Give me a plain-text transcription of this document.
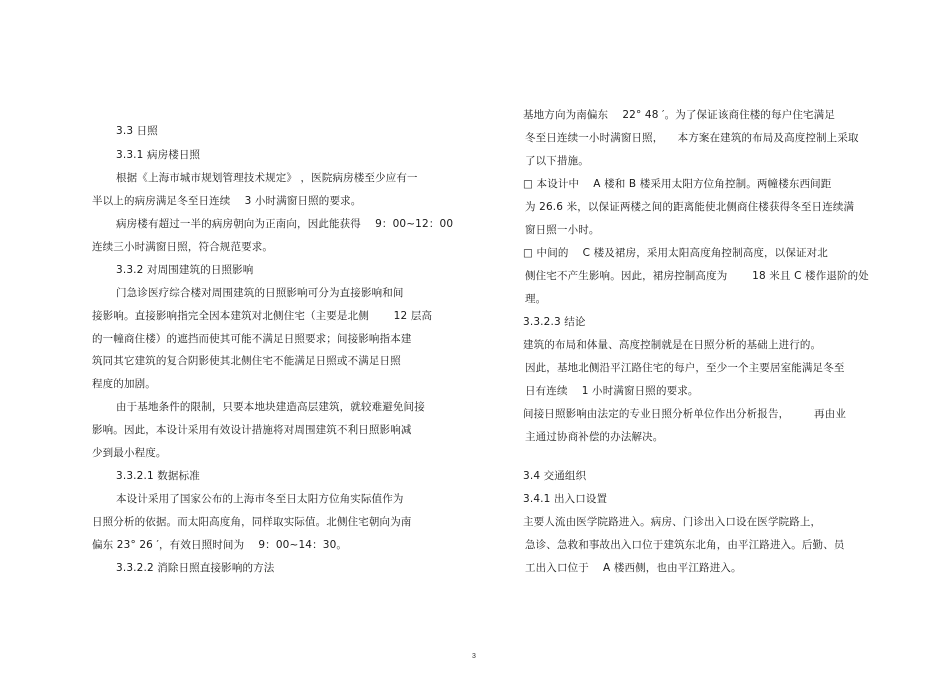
3.3 日照
3.3.1 病房楼日照
根据《上海市城市规划管理技术规定》 ，医院病房楼至少应有一
半以上的病房满足冬至日连续 　3 小时满窗日照的要求。
病房楼有超过一半的病房朝向为正南向，因此能获得 　9：00~12：00
连续三小时满窗日照，符合规范要求。
3.3.2 对周围建筑的日照影响
门急诊医疗综合楼对周围建筑的日照影响可分为直接影响和间
接影响。直接影响指完全因本建筑对北侧住宅（主要是北侧 　　12 层高
的一幢商住楼）的遮挡而使其可能不满足日照要求；间接影响指本建
筑同其它建筑的复合阴影使其北侧住宅不能满足日照或不满足日照
程度的加剧。
由于基地条件的限制，只要本地块建造高层建筑，就较难避免间接
影响。因此，本设计采用有效设计措施将对周围建筑不利日照影响减
少到最小程度。
3.3.2.1 数据标准
本设计采用了国家公布的上海市冬至日太阳方位角实际值作为
日照分析的依据。而太阳高度角，同样取实际值。北侧住宅朝向为南
偏东 23° 26 ′，有效日照时间为 　9：00~14：30。
3.3.2.2 消除日照直接影响的方法
基地方向为南偏东 　22° 48 ′。为了保证该商住楼的每户住宅满足
冬至日连续一小时满窗日照， 　本方案在建筑的布局及高度控制上采取
了以下措施。
□ 本设计中 　A 楼和 B 楼采用太阳方位角控制。两幢楼东西间距
为 26.6 米，以保证两楼之间的距离能使北侧商住楼获得冬至日连续满
窗日照一小时。
□ 中间的 　C 楼及裙房，采用太阳高度角控制高度，以保证对北
侧住宅不产生影响。因此，裙房控制高度为 　　18 米且 C 楼作退阶的处
理。
3.3.2.3 结论
建筑的布局和体量、高度控制就是在日照分析的基础上进行的。
因此，基地北侧沿平江路住宅的每户，至少一个主要居室能满足冬至
日有连续 　1 小时满窗日照的要求。
间接日照影响由法定的专业日照分析单位作出分析报告， 　　再由业
主通过协商补偿的办法解决。
3.4 交通组织
3.4.1 出入口设置
主要人流由医学院路进入。病房、门诊出入口设在医学院路上，
急诊、急救和事故出入口位于建筑东北角，由平江路进入。后勤、员
工出入口位于 　A 楼西侧，也由平江路进入。
3
